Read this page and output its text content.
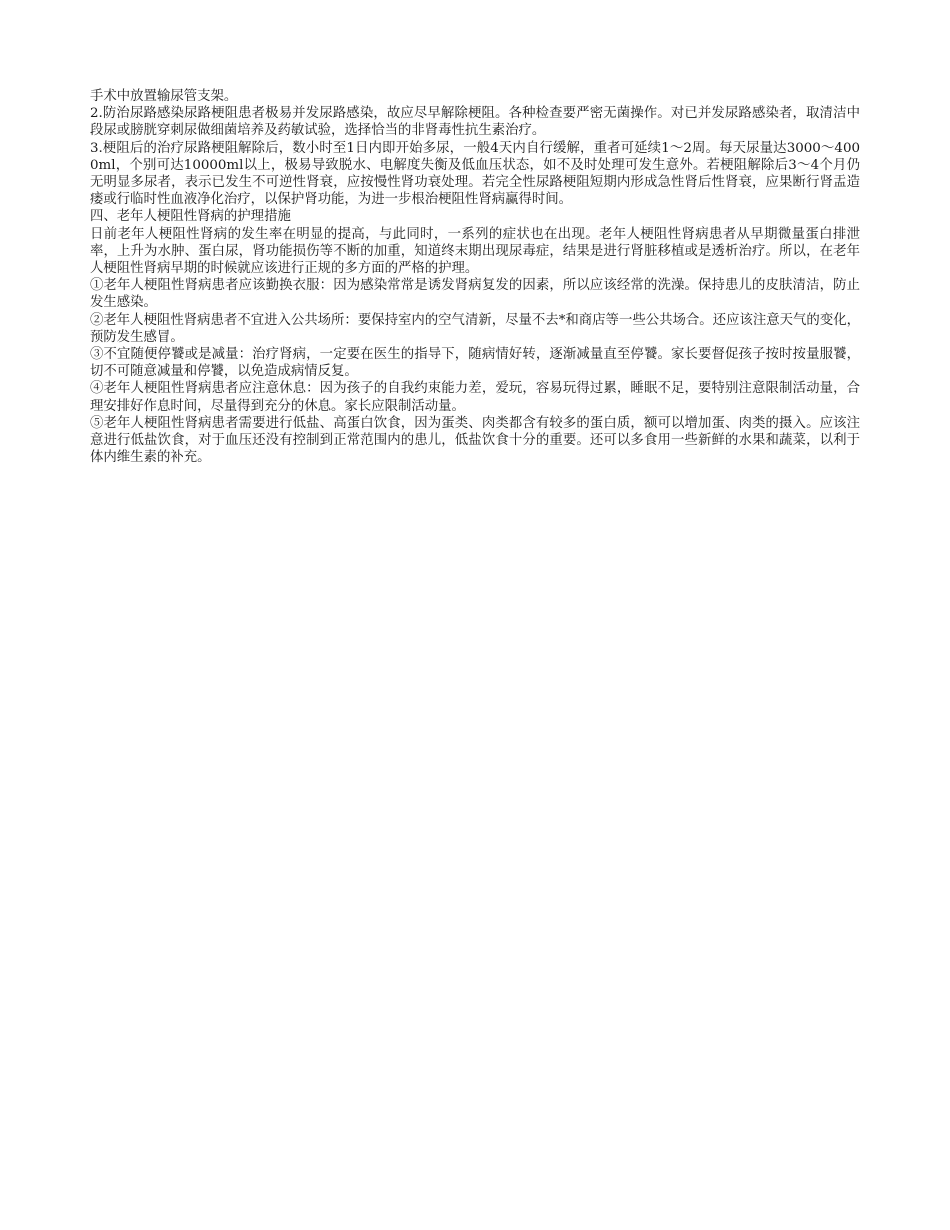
手术中放置输尿管支架。

2.防治尿路感染尿路梗阻患者极易并发尿路感染，故应尽早解除梗阻。各种检查要严密无菌操作。对已并发尿路感染者，取清洁中段尿或膀胱穿刺尿做细菌培养及药敏试验，选择恰当的非肾毒性抗生素治疗。

3.梗阻后的治疗尿路梗阻解除后，数小时至1日内即开始多尿，一般4天内自行缓解，重者可延续1～2周。每天尿量达3000～4000ml，个别可达10000ml以上，极易导致脱水、电解度失衡及低血压状态，如不及时处理可发生意外。若梗阻解除后3～4个月仍无明显多尿者，表示已发生不可逆性肾衰，应按慢性肾功衰处理。若完全性尿路梗阻短期内形成急性肾后性肾衰，应果断行肾盂造瘘或行临时性血液净化治疗，以保护肾功能，为进一步根治梗阻性肾病赢得时间。

四、老年人梗阻性肾病的护理措施

日前老年人梗阻性肾病的发生率在明显的提高，与此同时，一系列的症状也在出现。老年人梗阻性肾病患者从早期微量蛋白排泄率，上升为水肿、蛋白尿，肾功能损伤等不断的加重，知道终末期出现尿毒症，结果是进行肾脏移植或是透析治疗。所以，在老年人梗阻性肾病早期的时候就应该进行正规的多方面的严格的护理。

①老年人梗阻性肾病患者应该勤换衣服：因为感染常常是诱发肾病复发的因素，所以应该经常的洗澡。保持患儿的皮肤清洁，防止发生感染。

②老年人梗阻性肾病患者不宜进入公共场所：要保持室内的空气清新，尽量不去*和商店等一些公共场合。还应该注意天气的变化，预防发生感冒。

③不宜随便停饕或是减量：治疗肾病，一定要在医生的指导下，随病情好转，逐渐减量直至停饕。家长要督促孩子按时按量服饕，切不可随意减量和停饕，以免造成病情反复。

④老年人梗阻性肾病患者应注意休息：因为孩子的自我约束能力差，爱玩，容易玩得过累，睡眠不足，要特别注意限制活动量，合理安排好作息时间，尽量得到充分的休息。家长应限制活动量。

⑤老年人梗阻性肾病患者需要进行低盐、高蛋白饮食，因为蛋类、肉类都含有较多的蛋白质，额可以增加蛋、肉类的摄入。应该注意进行低盐饮食，对于血压还没有控制到正常范围内的患儿，低盐饮食十分的重要。还可以多食用一些新鲜的水果和蔬菜，以利于体内维生素的补充。
